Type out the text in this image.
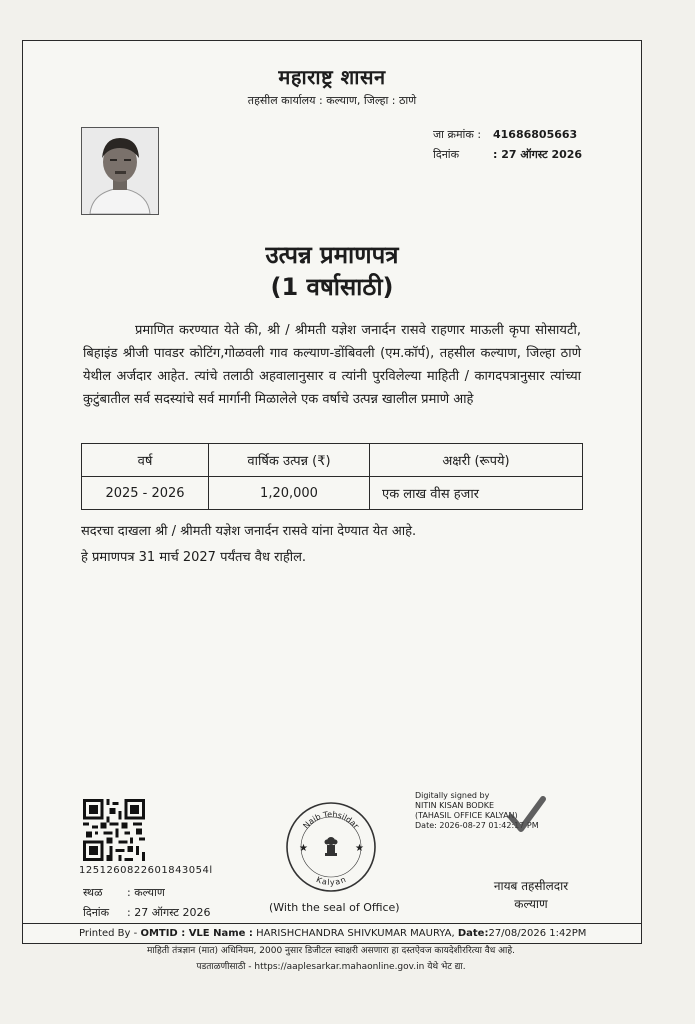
महाराष्ट्र शासन
तहसील कार्यालय : कल्याण, जिल्हा : ठाणे
जा क्रमांक :	41686805663
दिनांक	: 27 ऑगस्ट 2026
उत्पन्न प्रमाणपत्र
(1 वर्षासाठी)
प्रमाणित करण्यात येते की, श्री / श्रीमती यज्ञेश जनार्दन रासवे राहणार माऊली कृपा सोसायटी, बिहाइंड श्रीजी पावडर कोटिंग,गोळवली गाव कल्याण-डोंबिवली (एम.कॉर्प), तहसील कल्याण, जिल्हा ठाणे येथील अर्जदार आहेत. त्यांचे तलाठी अहवालानुसार व त्यांनी पुरविलेल्या माहिती / कागदपत्रानुसार त्यांच्या कुटुंबातील सर्व सदस्यांचे सर्व मार्गानी मिळालेले एक वर्षाचे उत्पन्न खालील प्रमाणे आहे
वर्ष	वार्षिक उत्पन्न (₹)	अक्षरी (रूपये)
2025 - 2026	1,20,000	एक लाख वीस हजार
सदरचा दाखला श्री / श्रीमती यज्ञेश जनार्दन रासवे यांना देण्यात येत आहे.
हे प्रमाणपत्र 31 मार्च 2027 पर्यंतच वैध राहील.
1251260822601843054l
स्थळ	: कल्याण
दिनांक	: 27 ऑगस्ट 2026
Naib Tehsildar
Kalyan
★	★
(With the seal of Office)
Digitally signed by
NITIN KISAN BODKE
(TAHASIL OFFICE KALYAN)
Date: 2026-08-27 01:42:17 PM
नायब तहसीलदार
कल्याण
Printed By - OMTID : VLE Name : HARISHCHANDRA SHIVKUMAR MAURYA, Date:27/08/2026 1:42PM
माहिती तंत्रज्ञान (मात) अधिनियम, 2000 नुसार डिजीटल स्वाक्षरी असणारा हा दस्तऐवज कायदेशीररित्या वैध आहे.
पडताळणीसाठी - https://aaplesarkar.mahaonline.gov.in येथे भेट द्या.
